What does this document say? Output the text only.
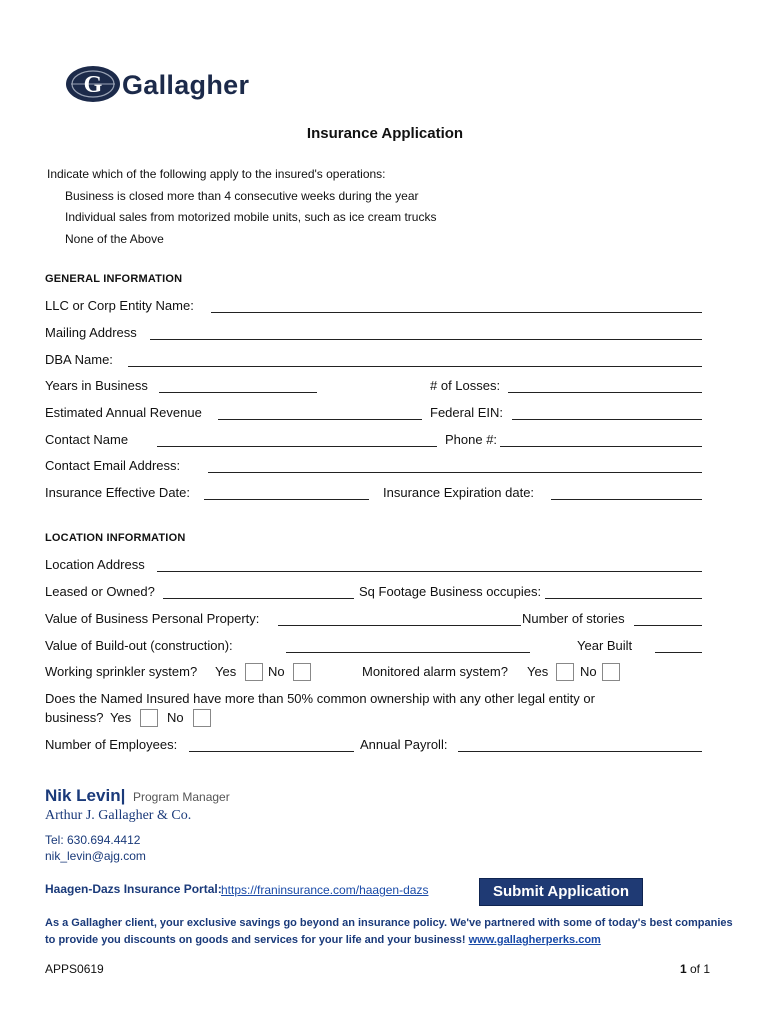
G Gallagher
Insurance Application
Indicate which of the following apply to the insured's operations:
Business is closed more than 4 consecutive weeks during the year
Individual sales from motorized mobile units, such as ice cream trucks
None of the Above
GENERAL INFORMATION
LLC or Corp Entity Name:
Mailing Address
DBA Name:
Years in Business	# of Losses:
Estimated Annual Revenue	Federal EIN:
Contact Name	Phone #:
Contact Email Address:
Insurance Effective Date:	Insurance Expiration date:
LOCATION INFORMATION
Location Address
Leased or Owned?	Sq Footage Business occupies:
Value of Business Personal Property:	Number of stories
Value of Build-out (construction):	Year Built
Working sprinkler system? Yes No	Monitored alarm system? Yes No
Does the Named Insured have more than 50% common ownership with any other legal entity or
business? Yes	No
Number of Employees:	Annual Payroll:
Nik Levin| Program Manager
Arthur J. Gallagher & Co.
Tel: 630.694.4412
nik_levin@ajg.com
Haagen-Dazs Insurance Portal: https://franinsurance.com/haagen-dazs	Submit Application
As a Gallagher client, your exclusive savings go beyond an insurance policy. We've partnered with some of today's best companies
to provide you discounts on goods and services for your life and your business! www.gallagherperks.com
APPS0619	1 of 1
